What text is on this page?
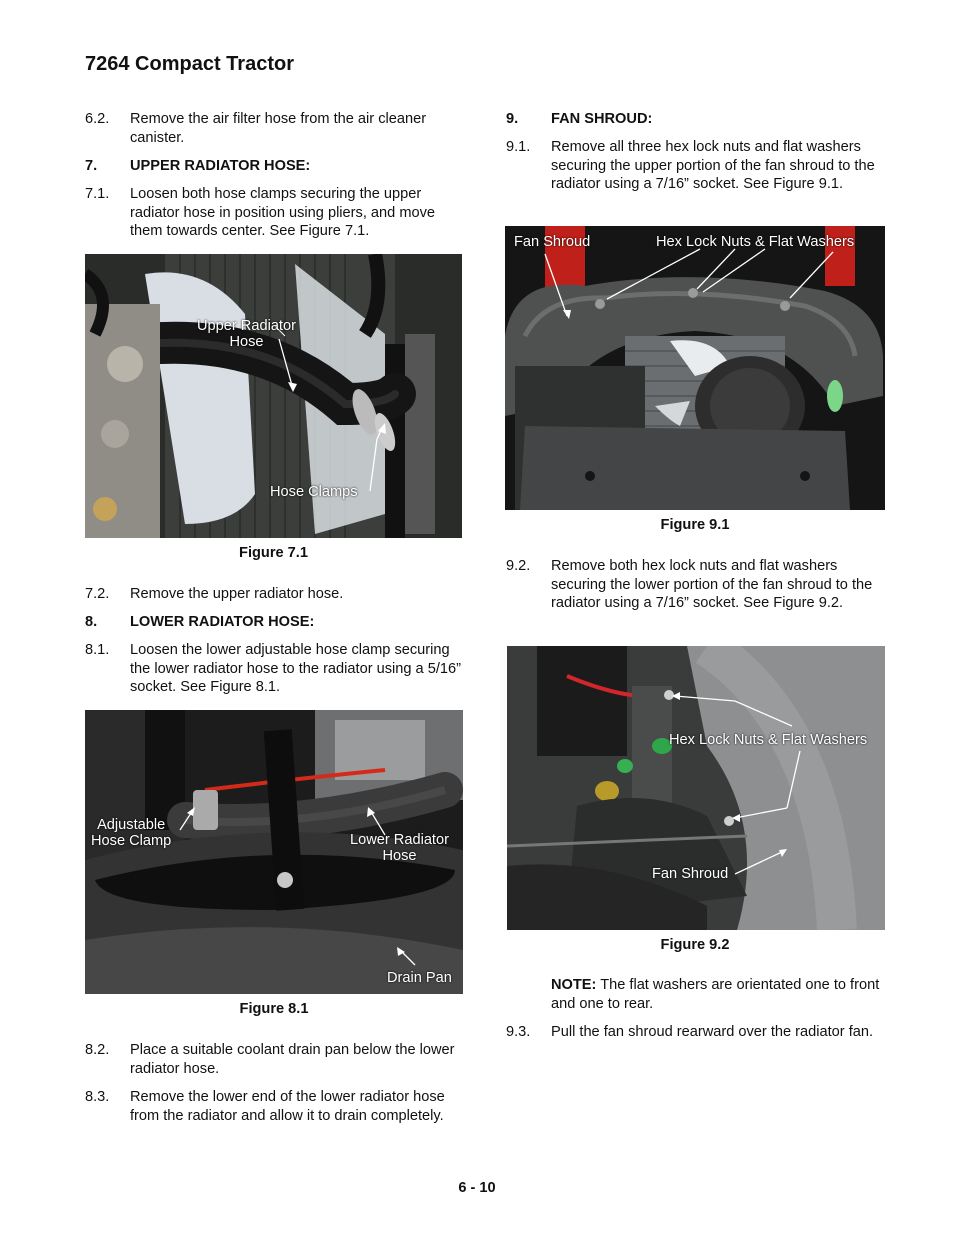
7264 Compact Tractor
6.2. Remove the air filter hose from the air cleaner canister.
7. UPPER RADIATOR HOSE:
7.1. Loosen both hose clamps securing the upper radiator hose in position using pliers, and move them towards center. See Figure 7.1.
Upper Radiator
Hose
Hose Clamps
Figure 7.1
7.2. Remove the upper radiator hose.
8. LOWER RADIATOR HOSE:
8.1. Loosen the lower adjustable hose clamp securing the lower radiator hose to the radiator using a 5/16” socket. See Figure 8.1.
Adjustable
Hose Clamp	Lower Radiator
Hose
Drain Pan
Figure 8.1
8.2. Place a suitable coolant drain pan below the lower radiator hose.
8.3. Remove the lower end of the lower radiator hose from the radiator and allow it to drain completely.
9. FAN SHROUD:
9.1. Remove all three hex lock nuts and flat washers securing the upper portion of the fan shroud to the radiator using a 7/16” socket. See Figure 9.1.
Fan Shroud	Hex Lock Nuts & Flat Washers
Figure 9.1
9.2. Remove both hex lock nuts and flat washers securing the lower portion of the fan shroud to the radiator using a 7/16” socket. See Figure 9.2.
Hex Lock Nuts & Flat Washers
Fan Shroud
Figure 9.2
NOTE: The flat washers are orientated one to front and one to rear.
9.3. Pull the fan shroud rearward over the radiator fan.
6 - 10
